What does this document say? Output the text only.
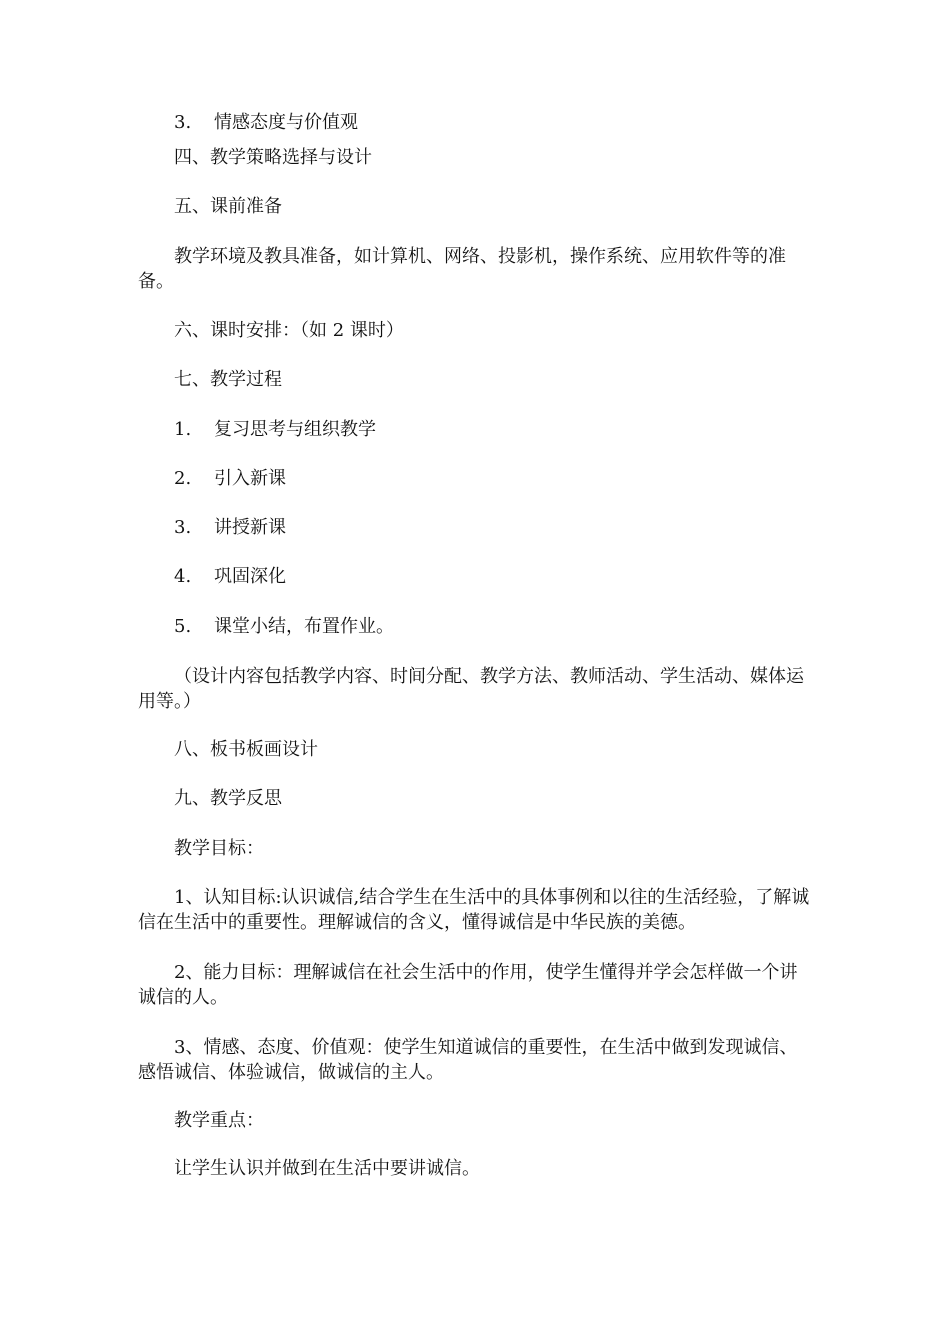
3. 情感态度与价值观
四、教学策略选择与设计
五、课前准备
教学环境及教具准备，如计算机、网络、投影机，操作系统、应用软件等的准备。
六、课时安排：（如 2 课时）
七、教学过程
1. 复习思考与组织教学
2. 引入新课
3. 讲授新课
4. 巩固深化
5. 课堂小结，布置作业。
（设计内容包括教学内容、时间分配、教学方法、教师活动、学生活动、媒体运用等。）
八、板书板画设计
九、教学反思
教学目标：
1、认知目标:认识诚信,结合学生在生活中的具体事例和以往的生活经验，了解诚信在生活中的重要性。理解诚信的含义，懂得诚信是中华民族的美德。
2、能力目标：理解诚信在社会生活中的作用，使学生懂得并学会怎样做一个讲诚信的人。
3、情感、态度、价值观：使学生知道诚信的重要性，在生活中做到发现诚信、感悟诚信、体验诚信，做诚信的主人。
教学重点：
让学生认识并做到在生活中要讲诚信。
